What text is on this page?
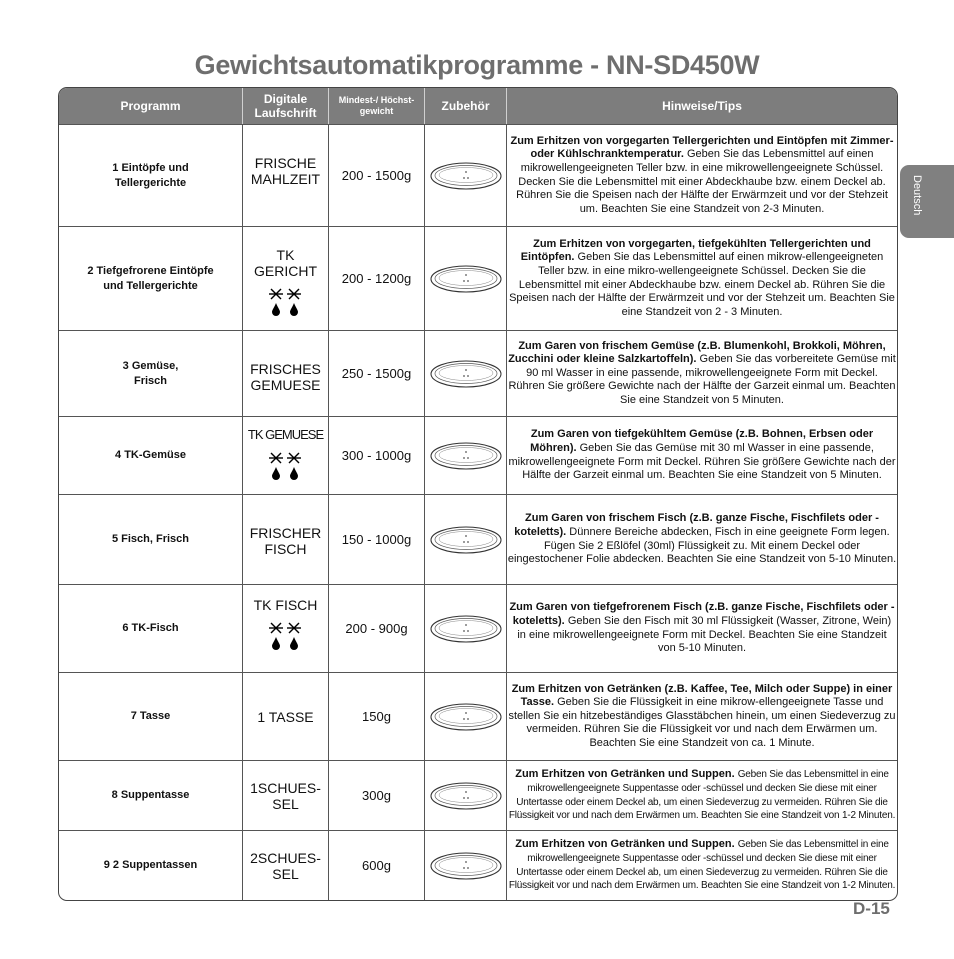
Gewichtsautomatikprogramme - NN-SD450W
Deutsch
Programm	Digitale
Laufschrift	Mindest-/ Höchst-
gewicht	Zubehör	Hinweise/Tips
1 Eintöpfe und
Tellergerichte	FRISCHE
MAHLZEIT	200 - 1500g		Zum Erhitzen von vorgegarten Tellergerichten und Eintöpfen mit Zimmer- oder Kühlschranktemperatur. Geben Sie das Lebensmittel auf einen mikrowellengeeigneten Teller bzw. in eine mikrowellengeeignete Schüssel. Decken Sie die Lebensmittel mit einer Abdeckhaube bzw. einem Deckel ab. Rühren Sie die Speisen nach der Hälfte der Erwärmzeit und vor der Stehzeit um. Beachten Sie eine Standzeit von 2-3 Minuten.
2 Tiefgefrorene Eintöpfe
und Tellergerichte	TK
GERICHT	200 - 1200g		Zum Erhitzen von vorgegarten, tiefgekühlten Tellergerichten und Eintöpfen. Geben Sie das Lebensmittel auf einen mikrow-ellengeeigneten Teller bzw. in eine mikro-wellengeeignete Schüssel. Decken Sie die Lebensmittel mit einer Abdeckhaube bzw. einem Deckel ab. Rühren Sie die Speisen nach der Hälfte der Erwärmzeit und vor der Stehzeit um. Beachten Sie eine Standzeit von 2 - 3 Minuten.
3 Gemüse,
Frisch	FRISCHES
GEMUESE	250 - 1500g		Zum Garen von frischem Gemüse (z.B. Blumenkohl, Brokkoli, Möhren, Zucchini oder kleine Salzkartoffeln). Geben Sie das vorbereitete Gemüse mit 90 ml Wasser in eine passende, mikrowellengeeignete Form mit Deckel. Rühren Sie größere Gewichte nach der Hälfte der Garzeit einmal um. Beachten Sie eine Standzeit von 5 Minuten.
4 TK-Gemüse	TK GEMUESE	300 - 1000g		Zum Garen von tiefgekühltem Gemüse (z.B. Bohnen, Erbsen oder Möhren). Geben Sie das Gemüse mit 30 ml Wasser in eine passende, mikrowellengeeignete Form mit Deckel. Rühren Sie größere Gewichte nach der Hälfte der Garzeit einmal um. Beachten Sie eine Standzeit von 5 Minuten.
5 Fisch, Frisch	FRISCHER
FISCH	150 - 1000g		Zum Garen von frischem Fisch (z.B. ganze Fische, Fischfilets oder -koteletts). Dünnere Bereiche abdecken, Fisch in eine geeignete Form legen. Fügen Sie 2 Eßlöfel (30ml) Flüssigkeit zu. Mit einem Deckel oder eingestochener Folie abdecken. Beachten Sie eine Standzeit von 5-10 Minuten.
6 TK-Fisch	TK FISCH	200 - 900g		Zum Garen von tiefgefrorenem Fisch (z.B. ganze Fische, Fischfilets oder -koteletts). Geben Sie den Fisch mit 30 ml Flüssigkeit (Wasser, Zitrone, Wein) in eine mikrowellengeeignete Form mit Deckel. Beachten Sie eine Standzeit von 5-10 Minuten.
7 Tasse	1 TASSE	150g		Zum Erhitzen von Getränken (z.B. Kaffee, Tee, Milch oder Suppe) in einer Tasse. Geben Sie die Flüssigkeit in eine mikrow-ellengeeignete Tasse und stellen Sie ein hitzebeständiges Glasstäbchen hinein, um einen Siedeverzug zu vermeiden. Rühren Sie die Flüssigkeit vor und nach dem Erwärmen um. Beachten Sie eine Standzeit von ca. 1 Minute.
8 Suppentasse	1SCHUES-
SEL	300g		Zum Erhitzen von Getränken und Suppen. Geben Sie das Lebensmittel in eine mikrowellengeeignete Suppentasse oder -schüssel und decken Sie diese mit einer Untertasse oder einem Deckel ab, um einen Siedeverzug zu vermeiden. Rühren Sie die Flüssigkeit vor und nach dem Erwärmen um. Beachten Sie eine Standzeit von 1-2 Minuten.
9 2 Suppentassen	2SCHUES-
SEL	600g		Zum Erhitzen von Getränken und Suppen. Geben Sie das Lebensmittel in eine mikrowellengeeignete Suppentasse oder -schüssel und decken Sie diese mit einer Untertasse oder einem Deckel ab, um einen Siedeverzug zu vermeiden. Rühren Sie die Flüssigkeit vor und nach dem Erwärmen um. Beachten Sie eine Standzeit von 1-2 Minuten.
D-15
